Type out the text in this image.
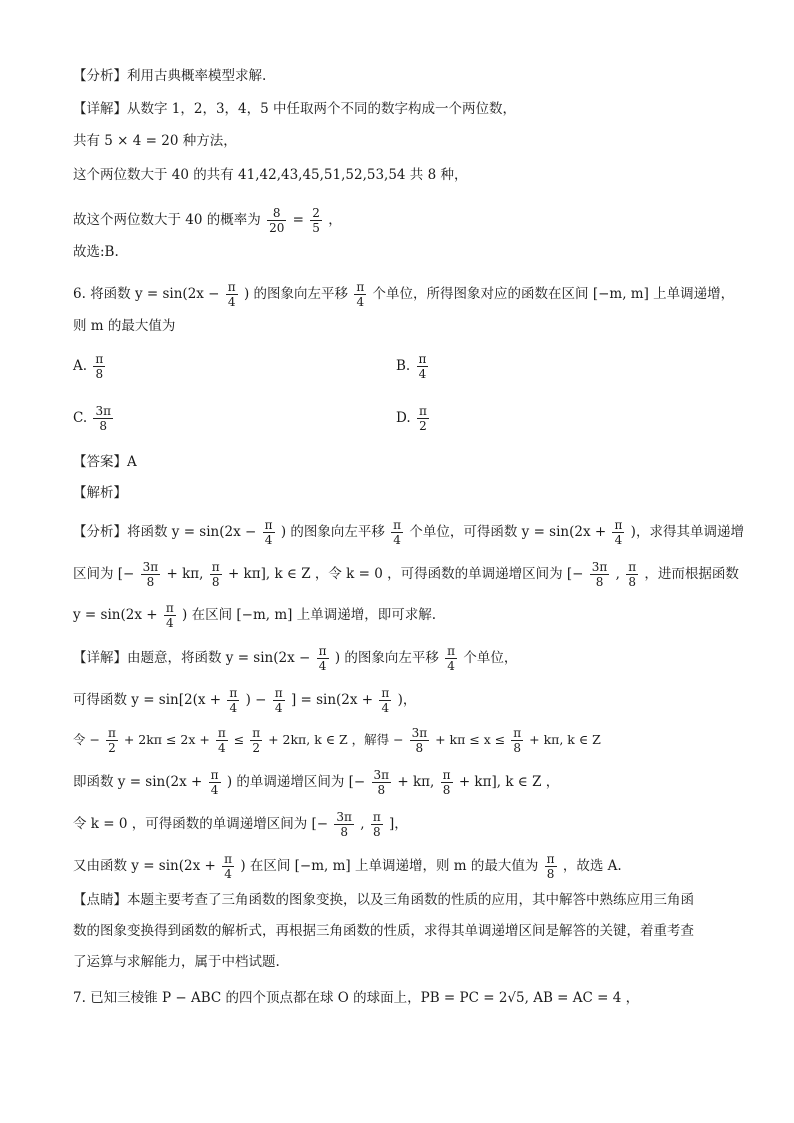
【分析】利用古典概率模型求解.
【详解】从数字 1，2，3，4，5 中任取两个不同的数字构成一个两位数，
共有 5 × 4 = 20 种方法，
这个两位数大于 40 的共有 41,42,43,45,51,52,53,54 共 8 种，
故这个两位数大于 40 的概率为 $\frac{8}{20} = \frac{2}{5}$ ，
故选:B.
6. 将函数 $y = \sin(2x - \frac{\pi}{4}$ ) 的图象向左平移 $\frac{\pi}{4}$ 个单位，所得图象对应的函数在区间 [−m, m] 上单调递增，
则 m 的最大值为
A. $\frac{\pi}{8}$	B. $\frac{\pi}{4}$
C. $\frac{3\pi}{8}$	D. $\frac{\pi}{2}$
【答案】A
【解析】
【分析】将函数 $y = \sin(2x - \frac{\pi}{4}$ ) 的图象向左平移 $\frac{\pi}{4}$ 个单位，可得函数 $y = \sin(2x + \frac{\pi}{4}$ )，求得其单调递增
区间为 [− $\frac{3\pi}{8} + k\pi$, $\frac{\pi}{8} + k\pi$], k ∈ Z ，令 k = 0 ，可得函数的单调递增区间为 [− $\frac{3\pi}{8}$ , $\frac{\pi}{8}$ ，进而根据函数
$y = \sin(2x + \frac{\pi}{4}$ ) 在区间 [−m, m] 上单调递增，即可求解.
【详解】由题意，将函数 $y = \sin(2x - \frac{\pi}{4}$ ) 的图象向左平移 $\frac{\pi}{4}$ 个单位，
可得函数 $y = \sin[2(x + \frac{\pi}{4}$ ) − $\frac{\pi}{4}$ ] = $\sin(2x + \frac{\pi}{4}$ )，
令 − $\frac{\pi}{2} + 2k\pi \le 2x + \frac{\pi}{4} \le \frac{\pi}{2} + 2k\pi$, k ∈ Z ，解得 − $\frac{3\pi}{8} + k\pi \le x \le \frac{\pi}{8} + k\pi$, k ∈ Z
即函数 $y = \sin(2x + \frac{\pi}{4}$ ) 的单调递增区间为 [− $\frac{3\pi}{8} + k\pi$, $\frac{\pi}{8} + k\pi$], k ∈ Z ，
令 k = 0 ，可得函数的单调递增区间为 [− $\frac{3\pi}{8}$ , $\frac{\pi}{8}$ ]，
又由函数 $y = \sin(2x + \frac{\pi}{4}$ ) 在区间 [−m, m] 上单调递增，则 m 的最大值为 $\frac{\pi}{8}$ ，故选 A.
【点睛】本题主要考查了三角函数的图象变换，以及三角函数的性质的应用，其中解答中熟练应用三角函
数的图象变换得到函数的解析式，再根据三角函数的性质，求得其单调递增区间是解答的关键，着重考查
了运算与求解能力，属于中档试题.
7. 已知三棱锥 P − ABC 的四个顶点都在球 O 的球面上，PB = PC = 2√5, AB = AC = 4 ，
